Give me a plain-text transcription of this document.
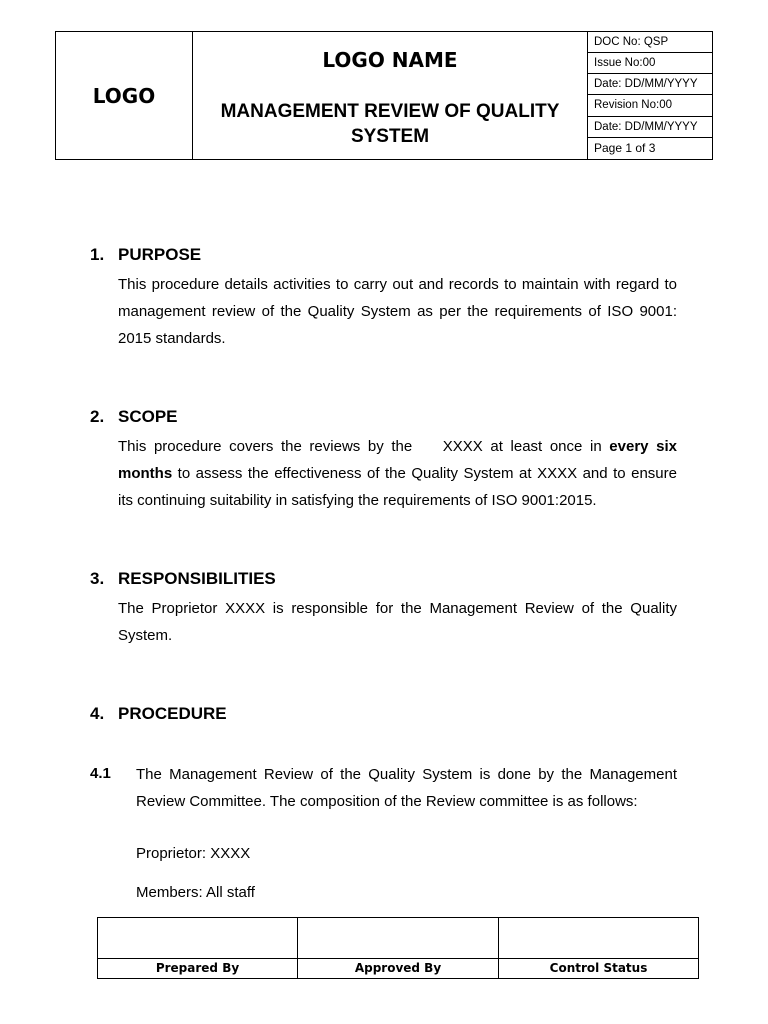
LOGO
LOGO NAME
MANAGEMENT REVIEW OF QUALITY SYSTEM
DOC No: QSP
Issue No:00
Date: DD/MM/YYYY
Revision No:00
Date: DD/MM/YYYY
Page 1 of 3
1. PURPOSE
This procedure details activities to carry out and records to maintain with regard to management review of the Quality System as per the requirements of ISO 9001: 2015 standards.
2. SCOPE
This procedure covers the reviews by the    XXXX at least once in every six months to assess the effectiveness of the Quality System at XXXX and to ensure its continuing suitability in satisfying the requirements of ISO 9001:2015.
3. RESPONSIBILITIES
The Proprietor XXXX is responsible for the Management Review of the Quality System.
4. PROCEDURE
4.1 The Management Review of the Quality System is done by the Management Review Committee. The composition of the Review committee is as follows:
Proprietor: XXXX
Members: All staff
Prepared By	Approved By	Control Status
